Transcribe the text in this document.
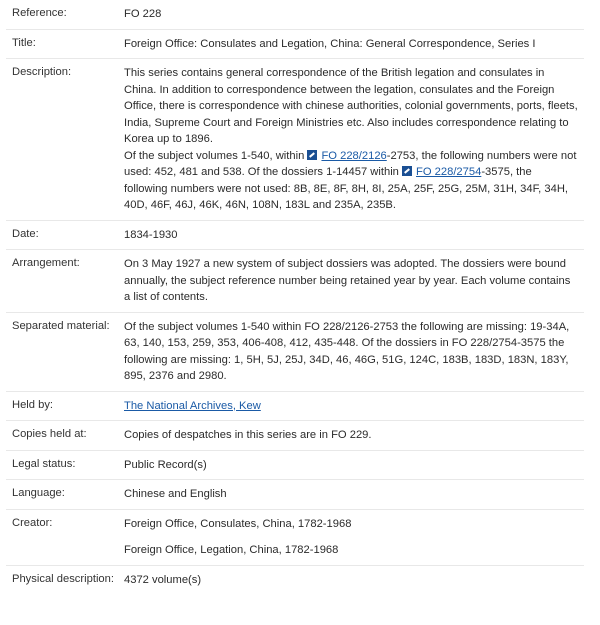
Reference:	FO 228
Title:	Foreign Office: Consulates and Legation, China: General Correspondence, Series I
Description:	This series contains general correspondence of the British legation and consulates in China. In addition to correspondence between the legation, consulates and the Foreign Office, there is correspondence with chinese authorities, colonial governments, ports, fleets, India, Supreme Court and Foreign Ministries etc. Also includes correspondence relating to Korea up to 1896.
Of the subject volumes 1-540, within FO 228/2126-2753, the following numbers were not used: 452, 481 and 538. Of the dossiers 1-14457 within FO 228/2754-3575, the following numbers were not used: 8B, 8E, 8F, 8H, 8I, 25A, 25F, 25G, 25M, 31H, 34F, 34H, 40D, 46F, 46J, 46K, 46N, 108N, 183L and 235A, 235B.
Date:	1834-1930
Arrangement:	On 3 May 1927 a new system of subject dossiers was adopted. The dossiers were bound annually, the subject reference number being retained year by year. Each volume contains a list of contents.
Separated material:	Of the subject volumes 1-540 within FO 228/2126-2753 the following are missing: 19-34A, 63, 140, 153, 259, 353, 406-408, 412, 435-448. Of the dossiers in FO 228/2754-3575 the following are missing: 1, 5H, 5J, 25J, 34D, 46, 46G, 51G, 124C, 183B, 183D, 183N, 183Y, 895, 2376 and 2980.
Held by:	The National Archives, Kew
Copies held at:	Copies of despatches in this series are in FO 229.
Legal status:	Public Record(s)
Language:	Chinese and English
Creator:	Foreign Office, Consulates, China, 1782-1968
Foreign Office, Legation, China, 1782-1968
Physical description: 4372 volume(s)
